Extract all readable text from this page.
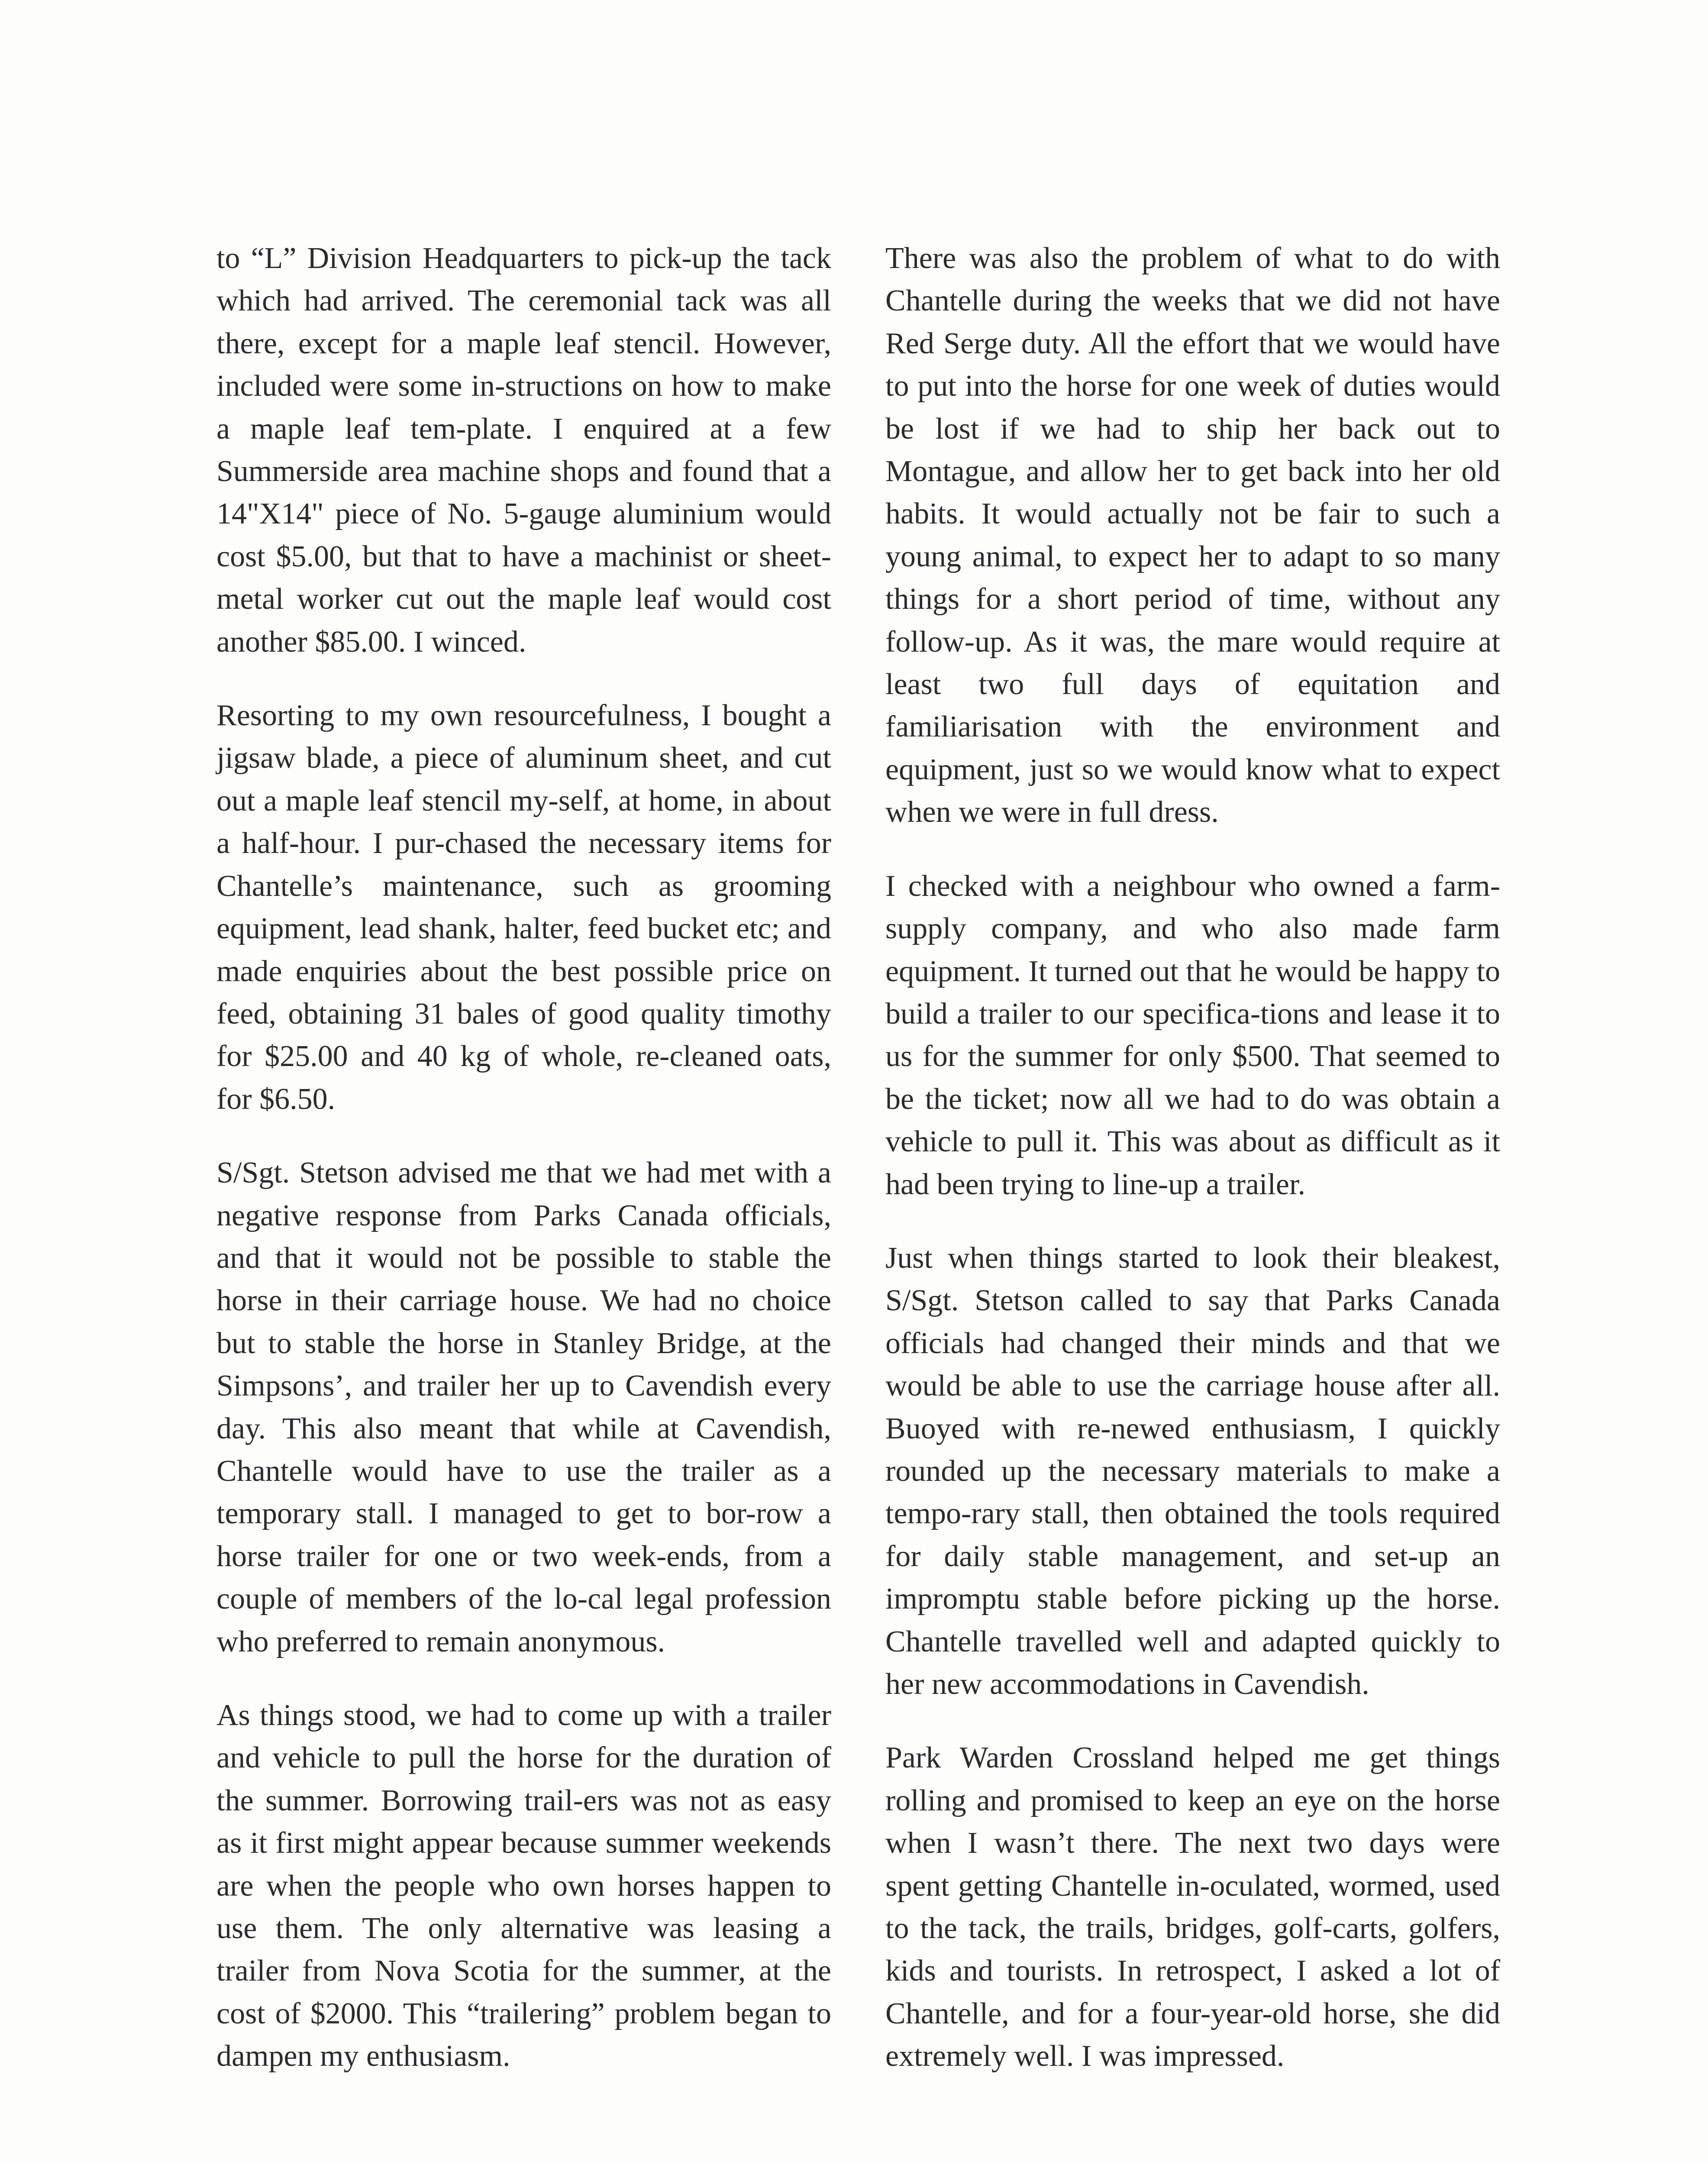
to “L” Division Headquarters to pick-up the tack which had arrived. The ceremonial tack was all there, except for a maple leaf stencil. However, included were some in-structions on how to make a maple leaf tem-plate. I enquired at a few Summerside area machine shops and found that a 14"X14" piece of No. 5-gauge aluminium would cost $5.00, but that to have a machinist or sheet-metal worker cut out the maple leaf would cost another $85.00. I winced.

Resorting to my own resourcefulness, I bought a jigsaw blade, a piece of aluminum sheet, and cut out a maple leaf stencil my-self, at home, in about a half-hour. I pur-chased the necessary items for Chantelle’s maintenance, such as grooming equipment, lead shank, halter, feed bucket etc; and made enquiries about the best possible price on feed, obtaining 31 bales of good quality timothy for $25.00 and 40 kg of whole, re-cleaned oats, for $6.50.

S/Sgt. Stetson advised me that we had met with a negative response from Parks Canada officials, and that it would not be possible to stable the horse in their carriage house. We had no choice but to stable the horse in Stanley Bridge, at the Simpsons’, and trailer her up to Cavendish every day. This also meant that while at Cavendish, Chantelle would have to use the trailer as a temporary stall. I managed to get to bor-row a horse trailer for one or two week-ends, from a couple of members of the lo-cal legal profession who preferred to remain anonymous.

As things stood, we had to come up with a trailer and vehicle to pull the horse for the duration of the summer. Borrowing trail-ers was not as easy as it first might appear because summer weekends are when the people who own horses happen to use them. The only alternative was leasing a trailer from Nova Scotia for the summer, at the cost of $2000. This “trailering” problem began to dampen my enthusiasm.

There was also the problem of what to do with Chantelle during the weeks that we did not have Red Serge duty. All the effort that we would have to put into the horse for one week of duties would be lost if we had to ship her back out to Montague, and allow her to get back into her old habits. It would actually not be fair to such a young animal, to expect her to adapt to so many things for a short period of time, without any follow-up. As it was, the mare would require at least two full days of equitation and familiarisation with the environment and equipment, just so we would know what to expect when we were in full dress.

I checked with a neighbour who owned a farm-supply company, and who also made farm equipment. It turned out that he would be happy to build a trailer to our specifica-tions and lease it to us for the summer for only $500. That seemed to be the ticket; now all we had to do was obtain a vehicle to pull it. This was about as difficult as it had been trying to line-up a trailer.

Just when things started to look their bleakest, S/Sgt. Stetson called to say that Parks Canada officials had changed their minds and that we would be able to use the carriage house after all. Buoyed with re-newed enthusiasm, I quickly rounded up the necessary materials to make a tempo-rary stall, then obtained the tools required for daily stable management, and set-up an impromptu stable before picking up the horse. Chantelle travelled well and adapted quickly to her new accommodations in Cavendish.

Park Warden Crossland helped me get things rolling and promised to keep an eye on the horse when I wasn’t there. The next two days were spent getting Chantelle in-oculated, wormed, used to the tack, the trails, bridges, golf-carts, golfers, kids and tourists. In retrospect, I asked a lot of Chantelle, and for a four-year-old horse, she did extremely well. I was impressed.
